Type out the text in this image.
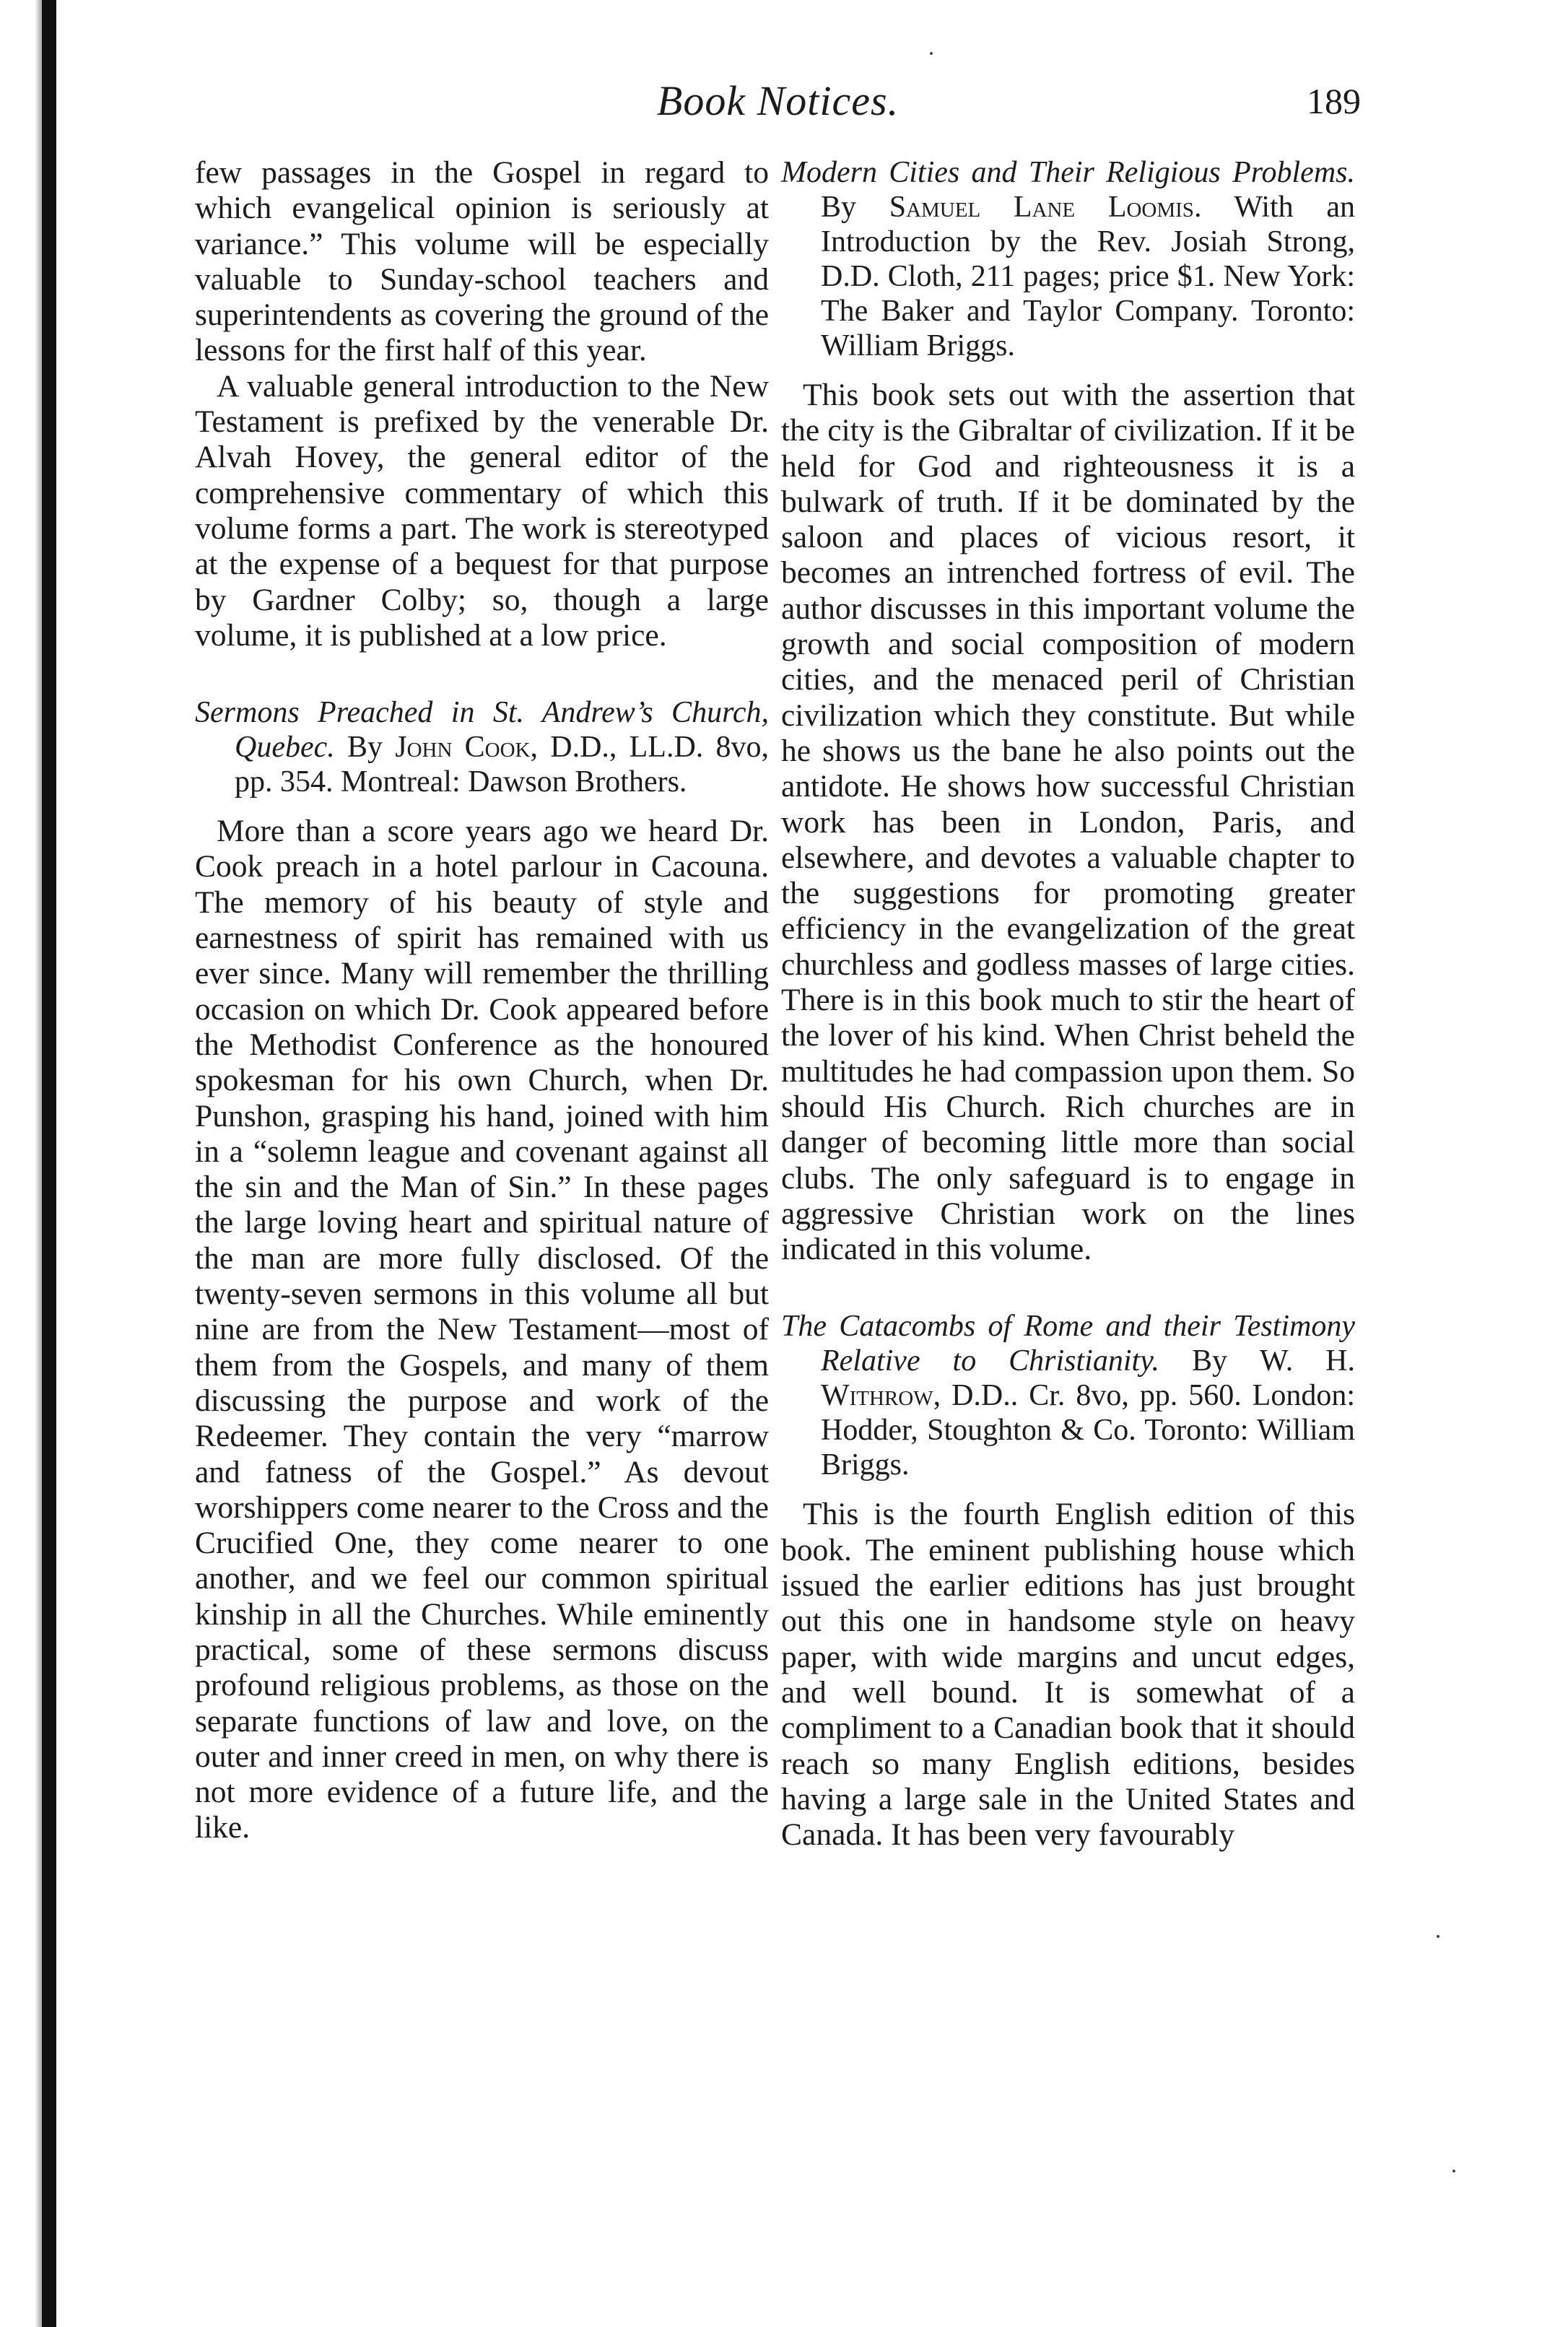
Book Notices.	189

few passages in the Gospel in regard to which evangelical opinion is seriously at variance.” This volume will be especially valuable to Sunday-school teachers and superintendents as covering the ground of the lessons for the first half of this year.

A valuable general introduction to the New Testament is prefixed by the venerable Dr. Alvah Hovey, the general editor of the comprehensive commentary of which this volume forms a part. The work is stereotyped at the expense of a bequest for that purpose by Gardner Colby; so, though a large volume, it is published at a low price.

Sermons Preached in St. Andrew’s Church, Quebec. By John Cook, D.D., LL.D. 8vo, pp. 354. Montreal: Dawson Brothers.

More than a score years ago we heard Dr. Cook preach in a hotel parlour in Cacouna. The memory of his beauty of style and earnestness of spirit has remained with us ever since. Many will remember the thrilling occasion on which Dr. Cook appeared before the Methodist Conference as the honoured spokesman for his own Church, when Dr. Punshon, grasping his hand, joined with him in a “solemn league and covenant against all the sin and the Man of Sin.” In these pages the large loving heart and spiritual nature of the man are more fully disclosed. Of the twenty-seven sermons in this volume all but nine are from the New Testament—most of them from the Gospels, and many of them discussing the purpose and work of the Redeemer. They contain the very “marrow and fatness of the Gospel.” As devout worshippers come nearer to the Cross and the Crucified One, they come nearer to one another, and we feel our common spiritual kinship in all the Churches. While eminently practical, some of these sermons discuss profound religious problems, as those on the separate functions of law and love, on the outer and inner creed in men, on why there is not more evidence of a future life, and the like.

Modern Cities and Their Religious Problems. By Samuel Lane Loomis. With an Introduction by the Rev. Josiah Strong, D.D. Cloth, 211 pages; price $1. New York: The Baker and Taylor Company. Toronto: William Briggs.

This book sets out with the assertion that the city is the Gibraltar of civilization. If it be held for God and righteousness it is a bulwark of truth. If it be dominated by the saloon and places of vicious resort, it becomes an intrenched fortress of evil. The author discusses in this important volume the growth and social composition of modern cities, and the menaced peril of Christian civilization which they constitute. But while he shows us the bane he also points out the antidote. He shows how successful Christian work has been in London, Paris, and elsewhere, and devotes a valuable chapter to the suggestions for promoting greater efficiency in the evangelization of the great churchless and godless masses of large cities. There is in this book much to stir the heart of the lover of his kind. When Christ beheld the multitudes he had compassion upon them. So should His Church. Rich churches are in danger of becoming little more than social clubs. The only safeguard is to engage in aggressive Christian work on the lines indicated in this volume.

The Catacombs of Rome and their Testimony Relative to Christianity. By W. H. Withrow, D.D.. Cr. 8vo, pp. 560. London: Hodder, Stoughton & Co. Toronto: William Briggs.

This is the fourth English edition of this book. The eminent publishing house which issued the earlier editions has just brought out this one in handsome style on heavy paper, with wide margins and uncut edges, and well bound. It is somewhat of a compliment to a Canadian book that it should reach so many English editions, besides having a large sale in the United States and Canada. It has been very favourably
